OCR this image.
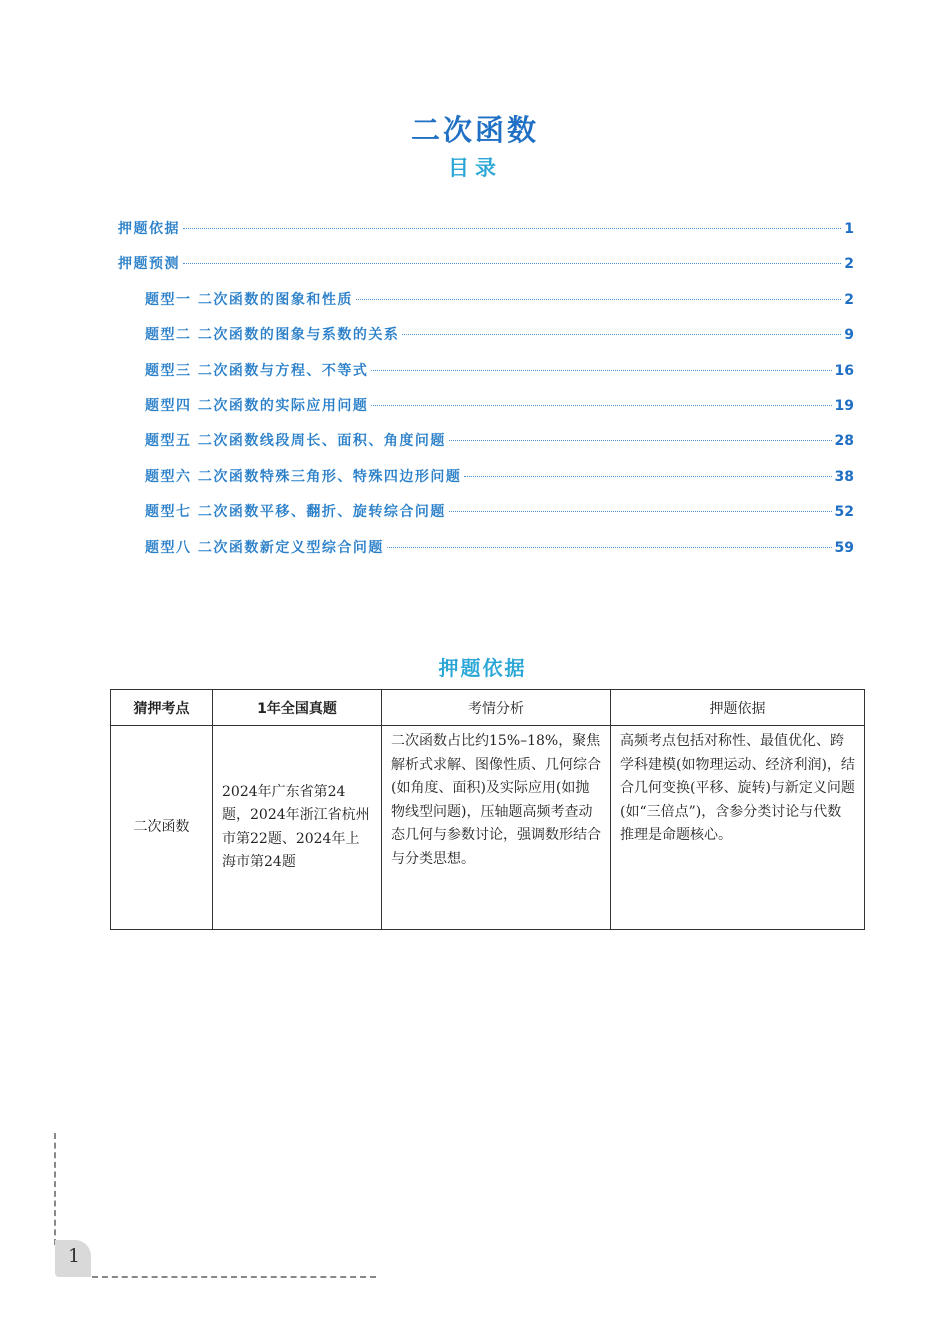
二次函数
目录
押题依据	1
押题预测	2
题型一 二次函数的图象和性质	2
题型二 二次函数的图象与系数的关系	9
题型三 二次函数与方程、不等式	16
题型四 二次函数的实际应用问题	19
题型五 二次函数线段周长、面积、角度问题	28
题型六 二次函数特殊三角形、特殊四边形问题	38
题型七 二次函数平移、翻折、旋转综合问题	52
题型八 二次函数新定义型综合问题	59
押题依据
猜押考点	1年全国真题	考情分析	押题依据
二次函数	2024年广东省第24题，2024年浙江省杭州市第22题、2024年上海市第24题	二次函数占比约15%–18%，聚焦解析式求解、图像性质、几何综合(如角度、面积)及实际应用(如抛物线型问题)，压轴题高频考查动态几何与参数讨论，强调数形结合与分类思想。	高频考点包括对称性、最值优化、跨学科建模(如物理运动、经济利润)，结合几何变换(平移、旋转)与新定义问题(如“三倍点”)，含参分类讨论与代数推理是命题核心。
1
